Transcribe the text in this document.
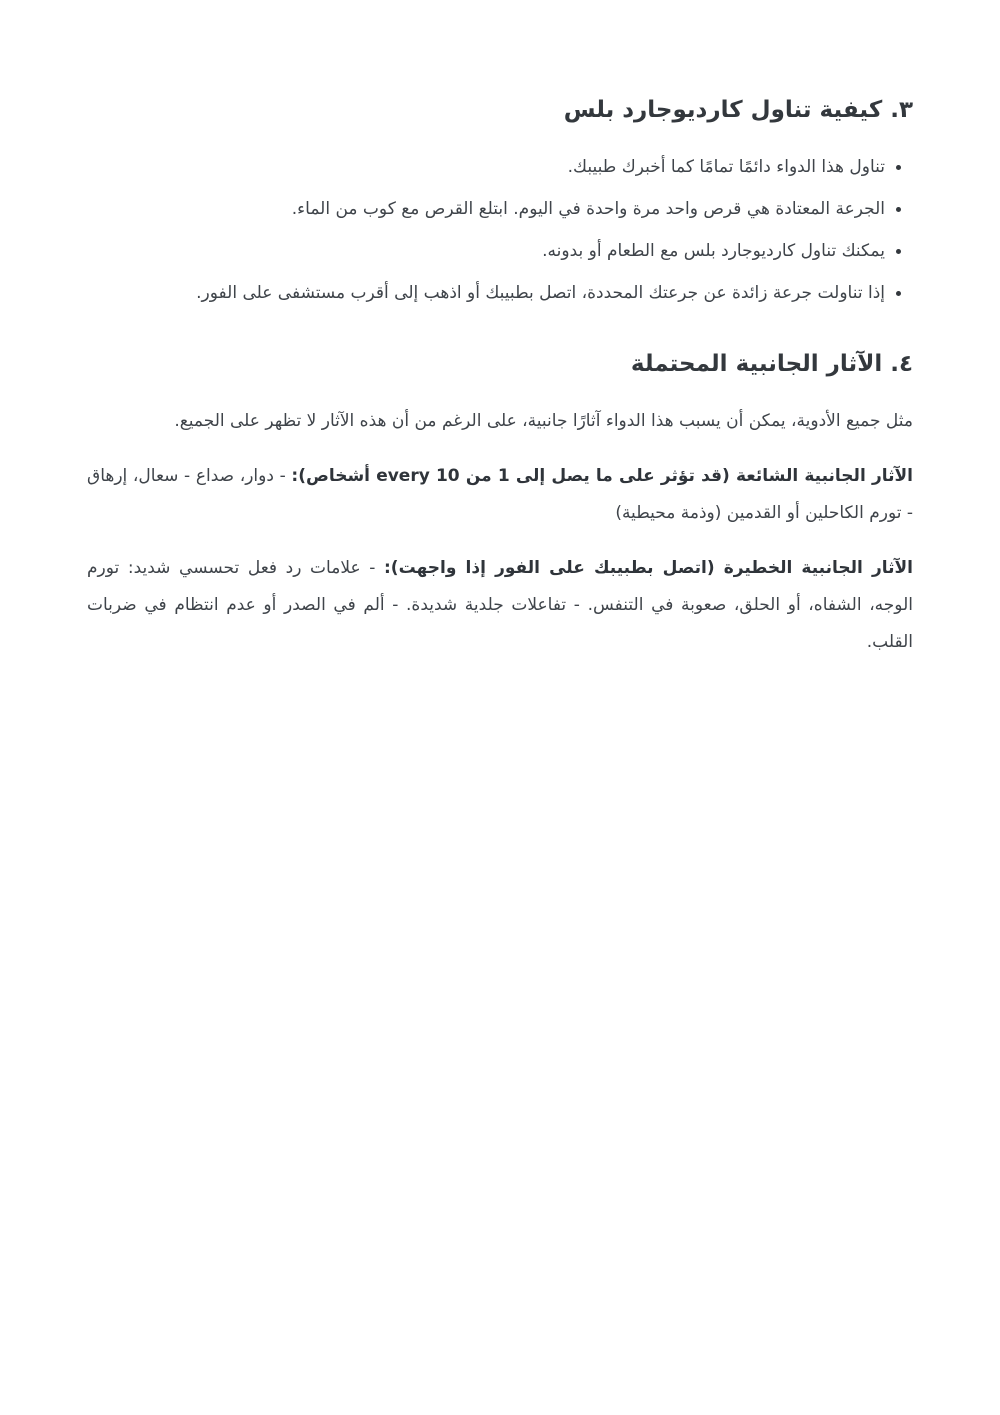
٣. كيفية تناول كارديوجارد بلس
• تناول هذا الدواء دائمًا تمامًا كما أخبرك طبيبك.
• الجرعة المعتادة هي قرص واحد مرة واحدة في اليوم. ابتلع القرص مع كوب من الماء.
• يمكنك تناول كارديوجارد بلس مع الطعام أو بدونه.
• إذا تناولت جرعة زائدة عن جرعتك المحددة، اتصل بطبيبك أو اذهب إلى أقرب مستشفى على الفور.
٤. الآثار الجانبية المحتملة

مثل جميع الأدوية، يمكن أن يسبب هذا الدواء آثارًا جانبية، على الرغم من أن هذه الآثار لا تظهر على الجميع.

الآثار الجانبية الشائعة (قد تؤثر على ما يصل إلى 1 من every 10 أشخاص): - دوار، صداع - سعال، إرهاق - تورم الكاحلين أو القدمين (وذمة محيطية)

الآثار الجانبية الخطيرة (اتصل بطبيبك على الفور إذا واجهت): - علامات رد فعل تحسسي شديد: تورم الوجه، الشفاه، أو الحلق، صعوبة في التنفس. - تفاعلات جلدية شديدة. - ألم في الصدر أو عدم انتظام في ضربات القلب.
